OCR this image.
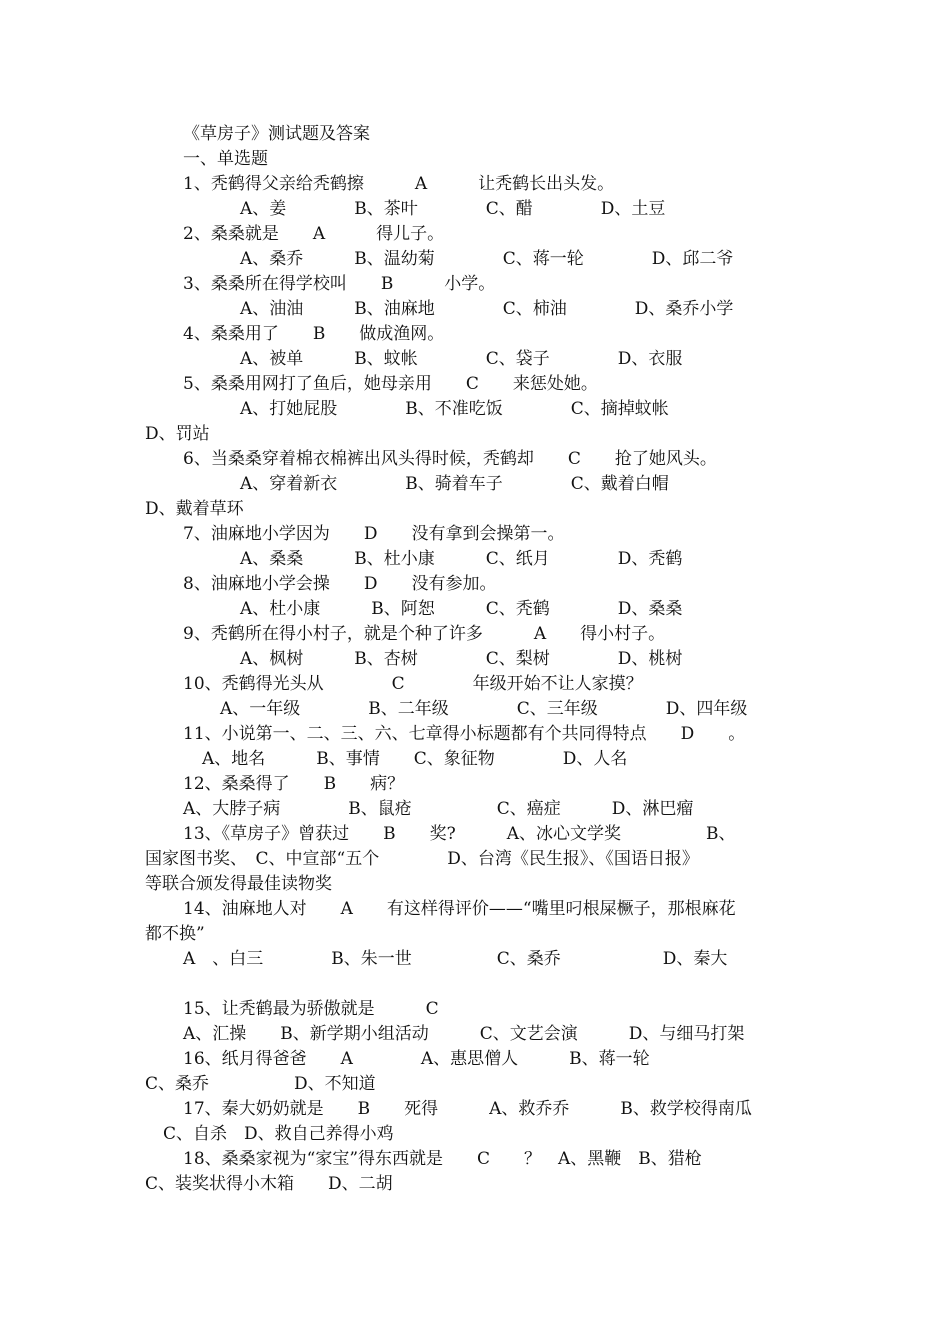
《草房子》测试题及答案

一、单选题

1、秃鹤得父亲给秃鹤擦　　　A　　　让秃鹤长出头发。

A、姜　　　　B、茶叶　　　　C、醋　　　　D、土豆

2、桑桑就是　　A　　　得儿子。

A、桑乔　　　B、温幼菊　　　　C、蒋一轮　　　　D、邱二爷

3、桑桑所在得学校叫　　B　　　小学。

A、油油　　　B、油麻地　　　　C、柿油　　　　D、桑乔小学

4、桑桑用了　　B　　做成渔网。

A、被单　　　B、蚊帐　　　　C、袋子　　　　D、衣服

5、桑桑用网打了鱼后，她母亲用　　C　　来惩处她。

A、打她屁股　　　　B、不准吃饭　　　　C、摘掉蚊帐

D、罚站

6、当桑桑穿着棉衣棉裤出风头得时候，秃鹤却　　C　　抢了她风头。

A、穿着新衣　　　　B、骑着车子　　　　C、戴着白帽

D、戴着草环

7、油麻地小学因为　　D　　没有拿到会操第一。

A、桑桑　　　B、杜小康　　　C、纸月　　　　D、秃鹤

8、油麻地小学会操　　D　　没有参加。

A、杜小康　　　B、阿恕　　　C、秃鹤　　　　D、桑桑

9、秃鹤所在得小村子，就是个种了许多　　　A　　得小村子。

A、枫树　　　B、杏树　　　　C、梨树　　　　D、桃树

10、秃鹤得光头从　　　　C　　　　年级开始不让人家摸？

A、一年级　　　　B、二年级　　　　C、三年级　　　　D、四年级

11、小说第一、二、三、六、七章得小标题都有个共同得特点　　D　　。

A、地名　　　B、事情　　C、象征物　　　　D、人名

12、桑桑得了　　B　　病？

A、大脖子病　　　　B、鼠疮　　　　　C、癌症　　　D、淋巴瘤

13、《草房子》曾获过　　B　　奖?　　　A、冰心文学奖　　　　　B、

国家图书奖、　C、中宣部“五个　　　　D、台湾《民生报》、《国语日报》

等联合颁发得最佳读物奖

14、油麻地人对　　A　　有这样得评价——“嘴里叼根屎橛子，那根麻花

都不换”

A　、白三　　　　B、朱一世　　　　　C、桑乔　　　　　　D、秦大

15、让秃鹤最为骄傲就是　　　C

A、汇操　　B、新学期小组活动　　　C、文艺会演　　　D、与细马打架

16、纸月得爸爸　　A　　　　A、惠思僧人　　　B、蒋一轮

C、桑乔　　　　　D、不知道

17、秦大奶奶就是　　B　　死得　　　A、救乔乔　　　B、救学校得南瓜

C、自杀　D、救自己养得小鸡

18、桑桑家视为“家宝”得东西就是　　C　　？　A、黑鞭　B、猎枪

C、装奖状得小木箱　　D、二胡
